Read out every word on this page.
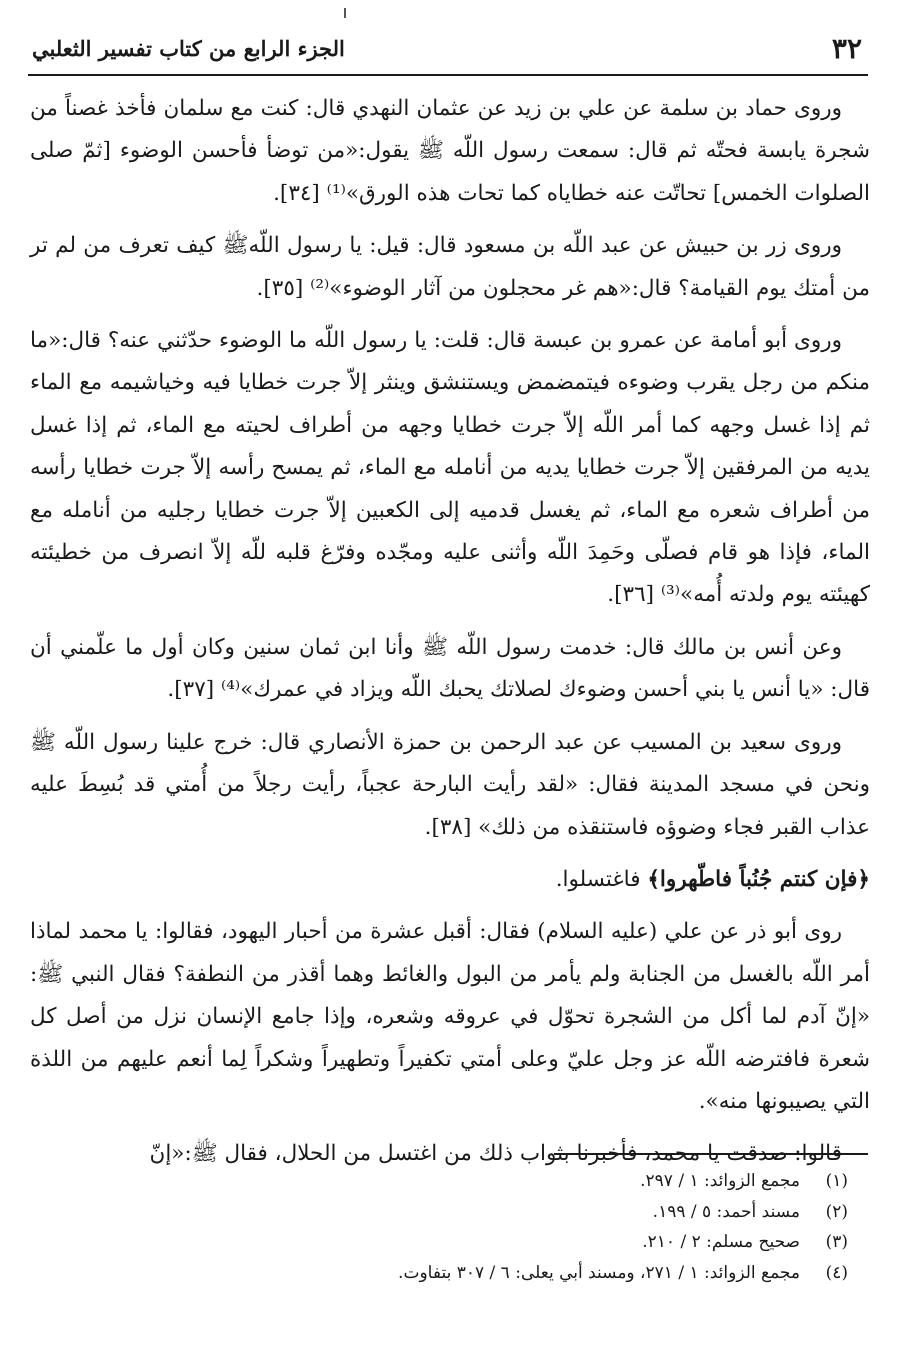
٣٢
الجزء الرابع من كتاب تفسير الثعلبي

وروى حماد بن سلمة عن علي بن زيد عن عثمان النهدي قال: كنت مع سلمان فأخذ غصناً من شجرة يابسة فحتّه ثم قال: سمعت رسول اللّه ﷺ يقول:«من توضأ فأحسن الوضوء [ثمّ صلى الصلوات الخمس] تحاتّت عنه خطاياه كما تحات هذه الورق»⁽¹⁾ [٣٤].

وروى زر بن حبيش عن عبد اللّه بن مسعود قال: قيل: يا رسول اللّهﷺ كيف تعرف من لم تر من أمتك يوم القيامة؟ قال:«هم غر محجلون من آثار الوضوء»⁽²⁾ [٣٥].

وروى أبو أمامة عن عمرو بن عبسة قال: قلت: يا رسول اللّه ما الوضوء حدّثني عنه؟ قال:«ما منكم من رجل يقرب وضوءه فيتمضمض ويستنشق وينثر إلاّ جرت خطايا فيه وخياشيمه مع الماء ثم إذا غسل وجهه كما أمر اللّه إلاّ جرت خطايا وجهه من أطراف لحيته مع الماء، ثم إذا غسل يديه من المرفقين إلاّ جرت خطايا يديه من أنامله مع الماء، ثم يمسح رأسه إلاّ جرت خطايا رأسه من أطراف شعره مع الماء، ثم يغسل قدميه إلى الكعبين إلاّ جرت خطايا رجليه من أنامله مع الماء، فإذا هو قام فصلّى وحَمِدَ اللّه وأثنى عليه ومجّده وفرّغ قلبه للّه إلاّ انصرف من خطيئته كهيئته يوم ولدته أُمه»⁽³⁾ [٣٦].

وعن أنس بن مالك قال: خدمت رسول اللّه ﷺ وأنا ابن ثمان سنين وكان أول ما علّمني أن قال: «يا أنس يا بني أحسن وضوءك لصلاتك يحبك اللّه ويزاد في عمرك»⁽⁴⁾ [٣٧].

وروى سعيد بن المسيب عن عبد الرحمن بن حمزة الأنصاري قال: خرج علينا رسول اللّه ﷺ ونحن في مسجد المدينة فقال: «لقد رأيت البارحة عجباً، رأيت رجلاً من أُمتي قد بُسِطَ عليه عذاب القبر فجاء وضوؤه فاستنقذه من ذلك» [٣٨].

﴿فإن كنتم جُنُباً فاطّهروا﴾ فاغتسلوا.

روى أبو ذر عن علي (عليه السلام) فقال: أقبل عشرة من أحبار اليهود، فقالوا: يا محمد لماذا أمر اللّه بالغسل من الجنابة ولم يأمر من البول والغائط وهما أقذر من النطفة؟ فقال النبي ﷺ: «إنّ آدم لما أكل من الشجرة تحوّل في عروقه وشعره، وإذا جامع الإنسان نزل من أصل كل شعرة فافترضه اللّه عز وجل عليّ وعلى أمتي تكفيراً وتطهيراً وشكراً لِما أنعم عليهم من اللذة التي يصيبونها منه».

قالوا: صدقت يا محمد، فأخبرنا بثواب ذلك من اغتسل من الحلال، فقال ﷺ:«إنّ

(١)
مجمع الزوائد: ١ / ٢٩٧.
(٢)
مسند أحمد: ٥ / ١٩٩.
(٣)
صحيح مسلم: ٢ / ٢١٠.
(٤)
مجمع الزوائد: ١ / ٢٧١، ومسند أبي يعلى: ٦ / ٣٠٧ بتفاوت.
